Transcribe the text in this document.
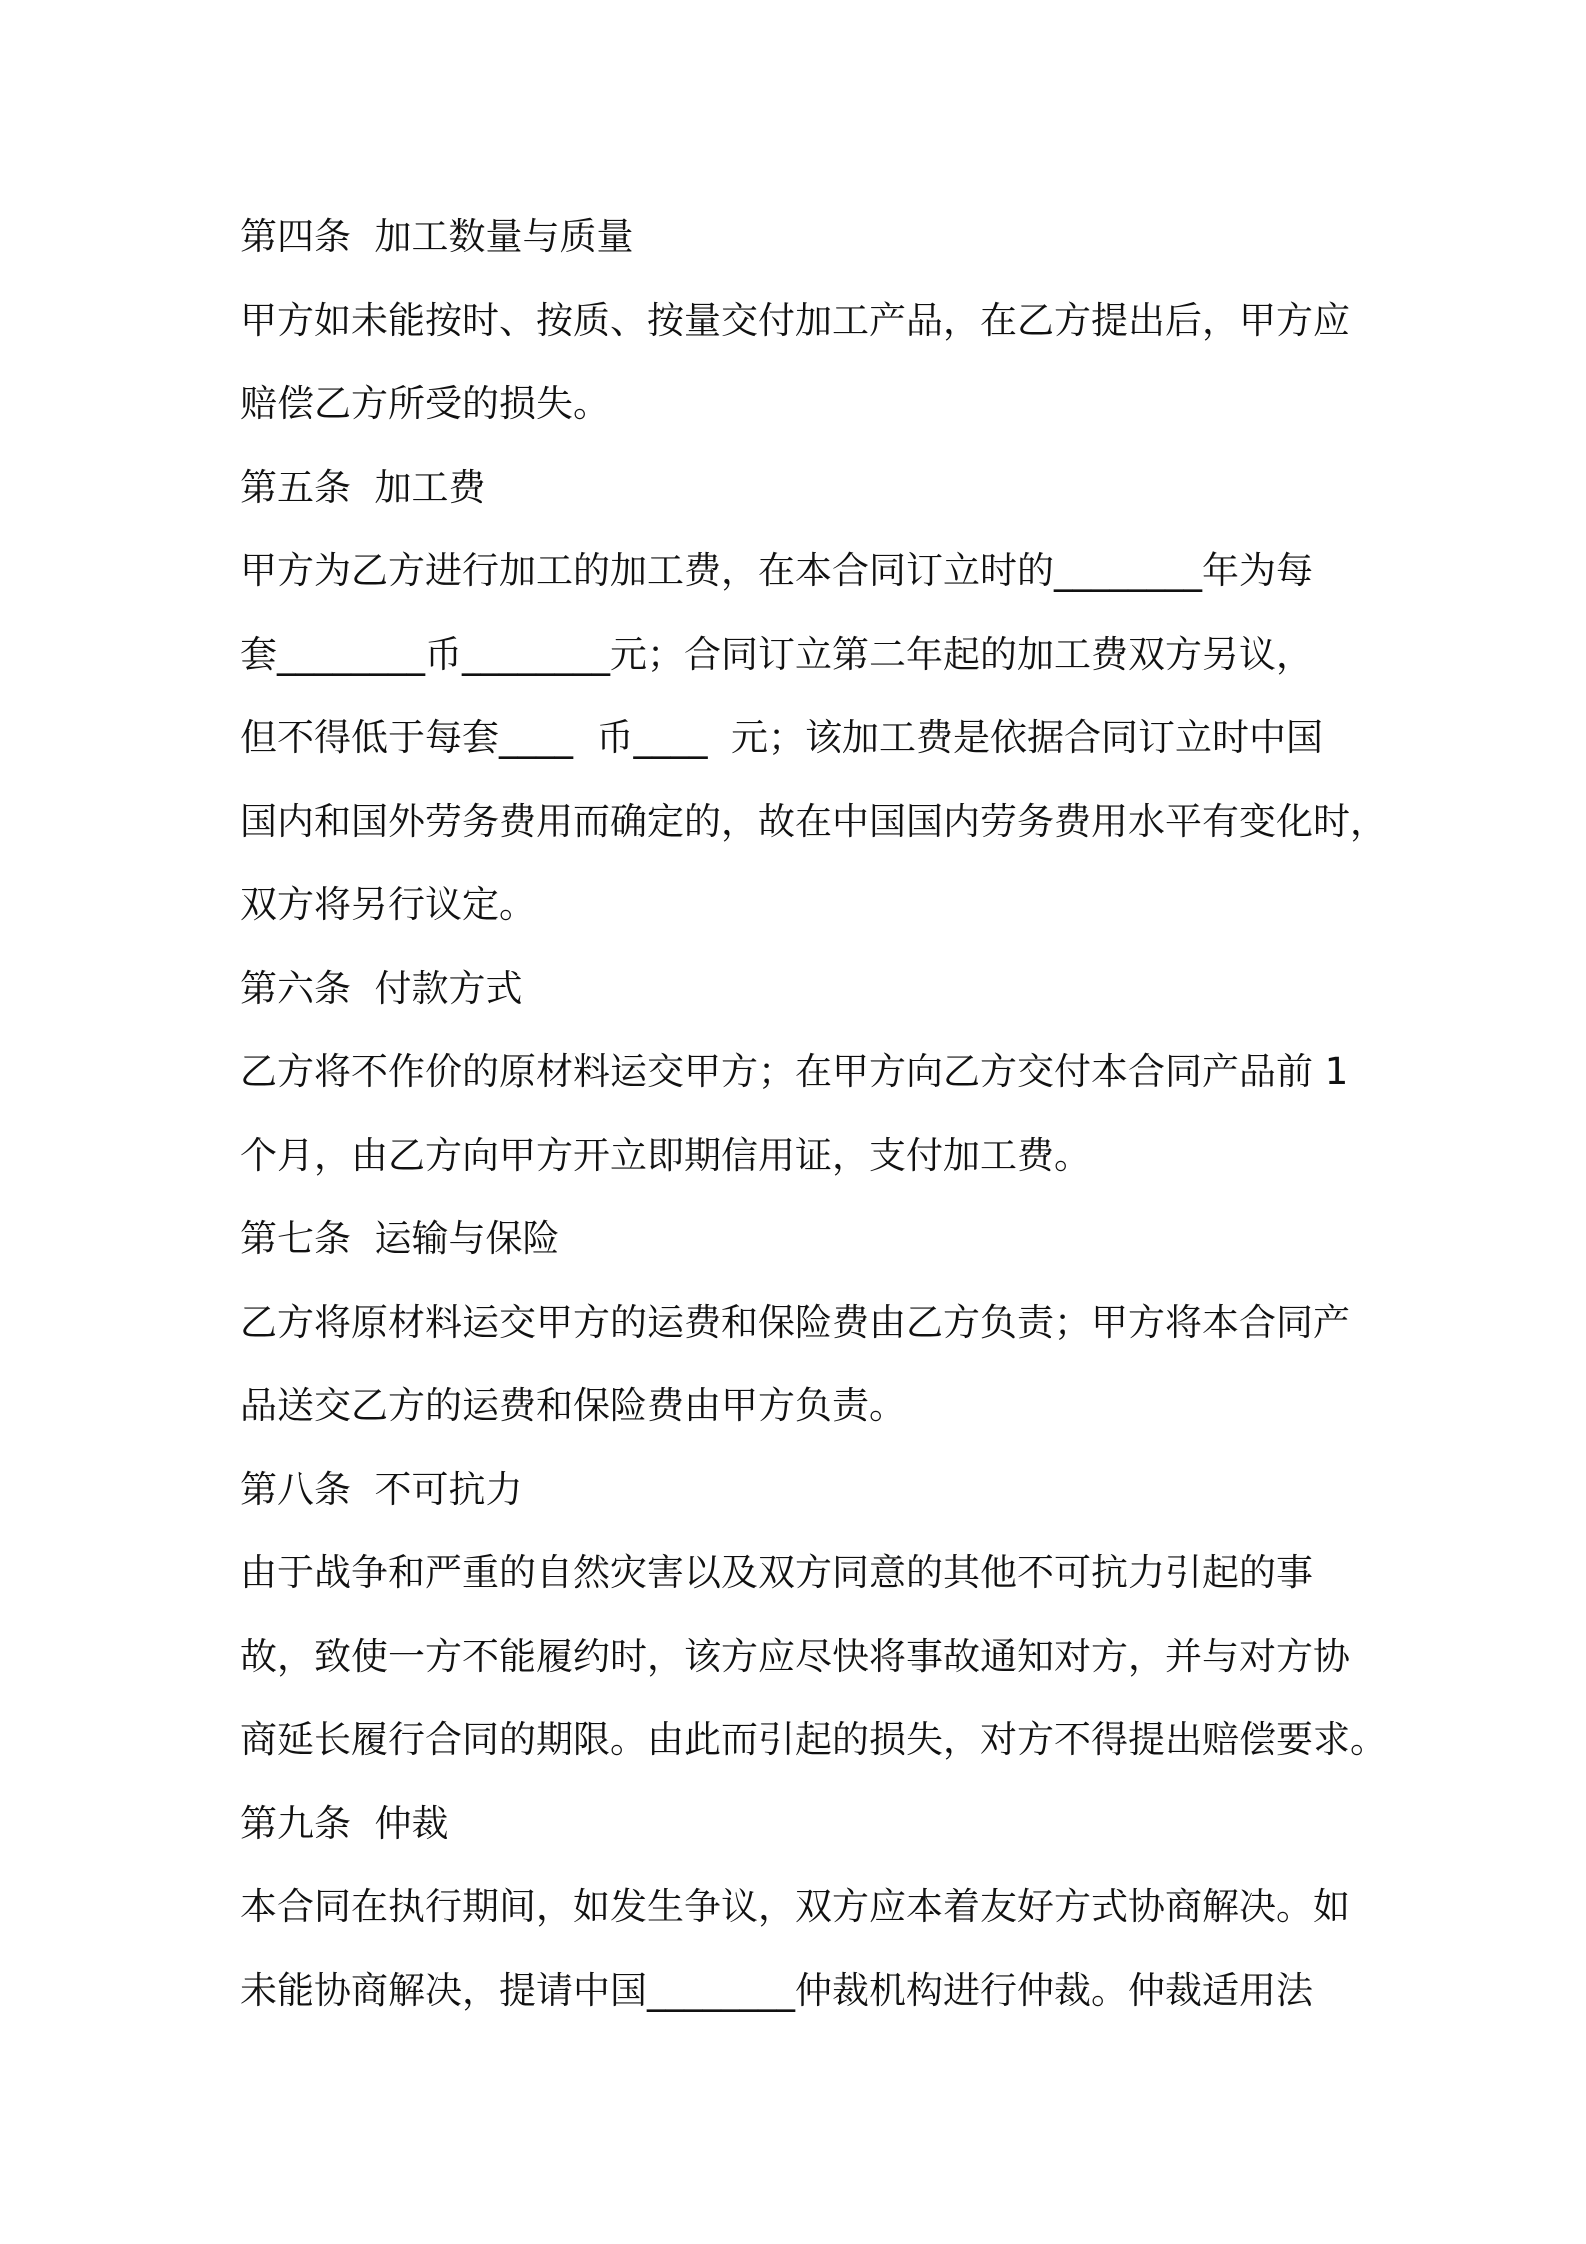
第四条  加工数量与质量
甲方如未能按时、按质、按量交付加工产品，在乙方提出后，甲方应
赔偿乙方所受的损失。
第五条  加工费
甲方为乙方进行加工的加工费，在本合同订立时的________年为每
套________币________元；合同订立第二年起的加工费双方另议，
但不得低于每套____  币____  元；该加工费是依据合同订立时中国
国内和国外劳务费用而确定的，故在中国国内劳务费用水平有变化时，
双方将另行议定。
第六条  付款方式
乙方将不作价的原材料运交甲方；在甲方向乙方交付本合同产品前 1
个月，由乙方向甲方开立即期信用证，支付加工费。
第七条  运输与保险
乙方将原材料运交甲方的运费和保险费由乙方负责；甲方将本合同产
品送交乙方的运费和保险费由甲方负责。
第八条  不可抗力
由于战争和严重的自然灾害以及双方同意的其他不可抗力引起的事
故，致使一方不能履约时，该方应尽快将事故通知对方，并与对方协
商延长履行合同的期限。由此而引起的损失，对方不得提出赔偿要求。
第九条  仲裁
本合同在执行期间，如发生争议，双方应本着友好方式协商解决。如
未能协商解决，提请中国________仲裁机构进行仲裁。仲裁适用法
